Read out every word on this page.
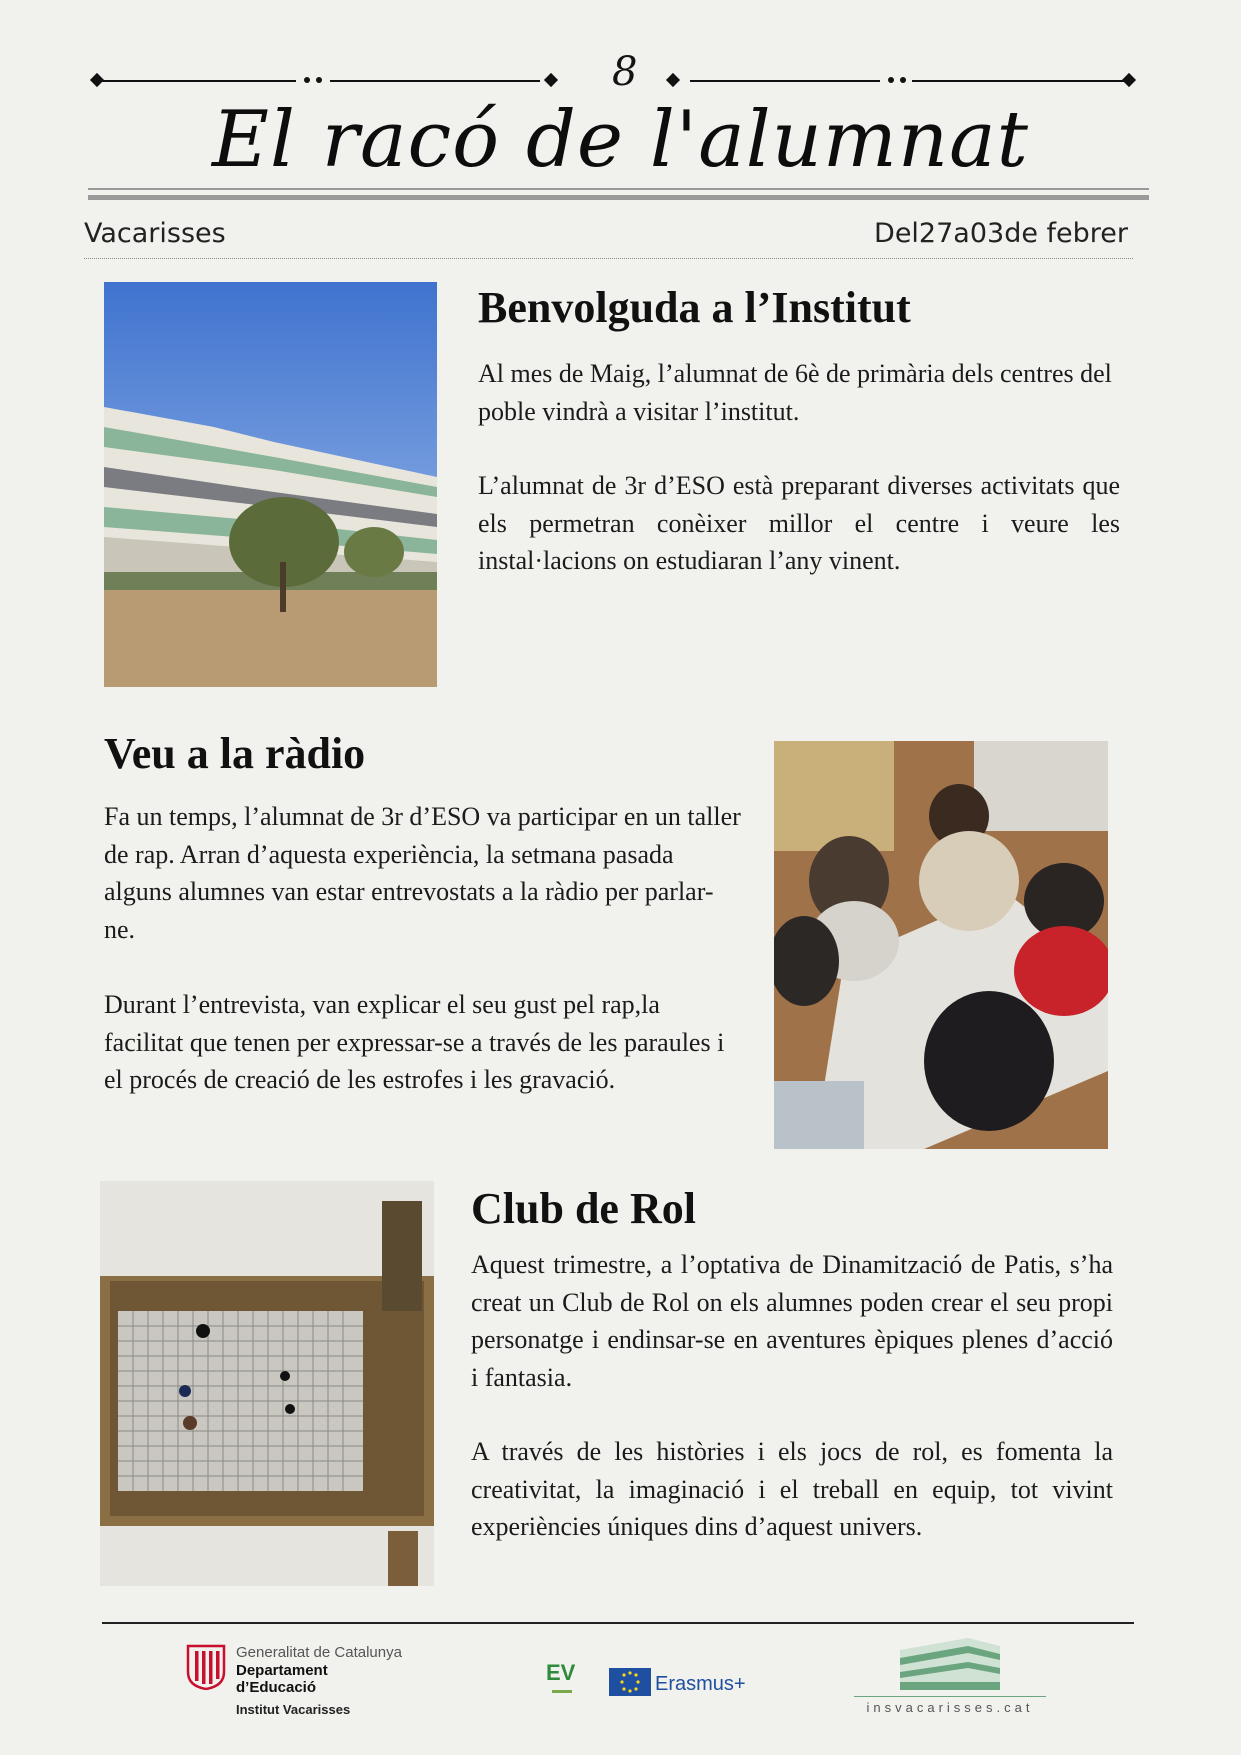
8
El racó de l'alumnat
Vacarisses	Del27a03de febrer
Benvolguda a l’Institut

Al mes de Maig, l’alumnat de 6è de primària dels centres del poble vindrà a visitar l’institut.

L’alumnat de 3r d’ESO està preparant diverses activitats que els permetran conèixer millor el centre i veure les instal·lacions on estudiaran l’any vinent.

Veu a la ràdio

Fa un temps, l’alumnat de 3r d’ESO va participar en un taller de rap. Arran d’aquesta experiència, la setmana pasada alguns alumnes van estar entrevostats a la ràdio per parlar-ne.

Durant l’entrevista, van explicar el seu gust pel rap,la facilitat que tenen per expressar-se a través de les paraules i el procés de creació de les estrofes i les gravació.

Club de Rol

Aquest trimestre, a l’optativa de Dinamització de Patis, s’ha creat un Club de Rol on els alumnes poden crear el seu propi personatge i endinsar-se en aventures èpiques plenes d’acció i fantasia.

A través de les històries i els jocs de rol, es fomenta la creativitat, la imaginació i el treball en equip, tot vivint experiències úniques dins d’aquest univers.

Generalitat de Catalunya
Departament
d’Educació
Institut Vacarisses
EV	Erasmus+
insvacarisses.cat
